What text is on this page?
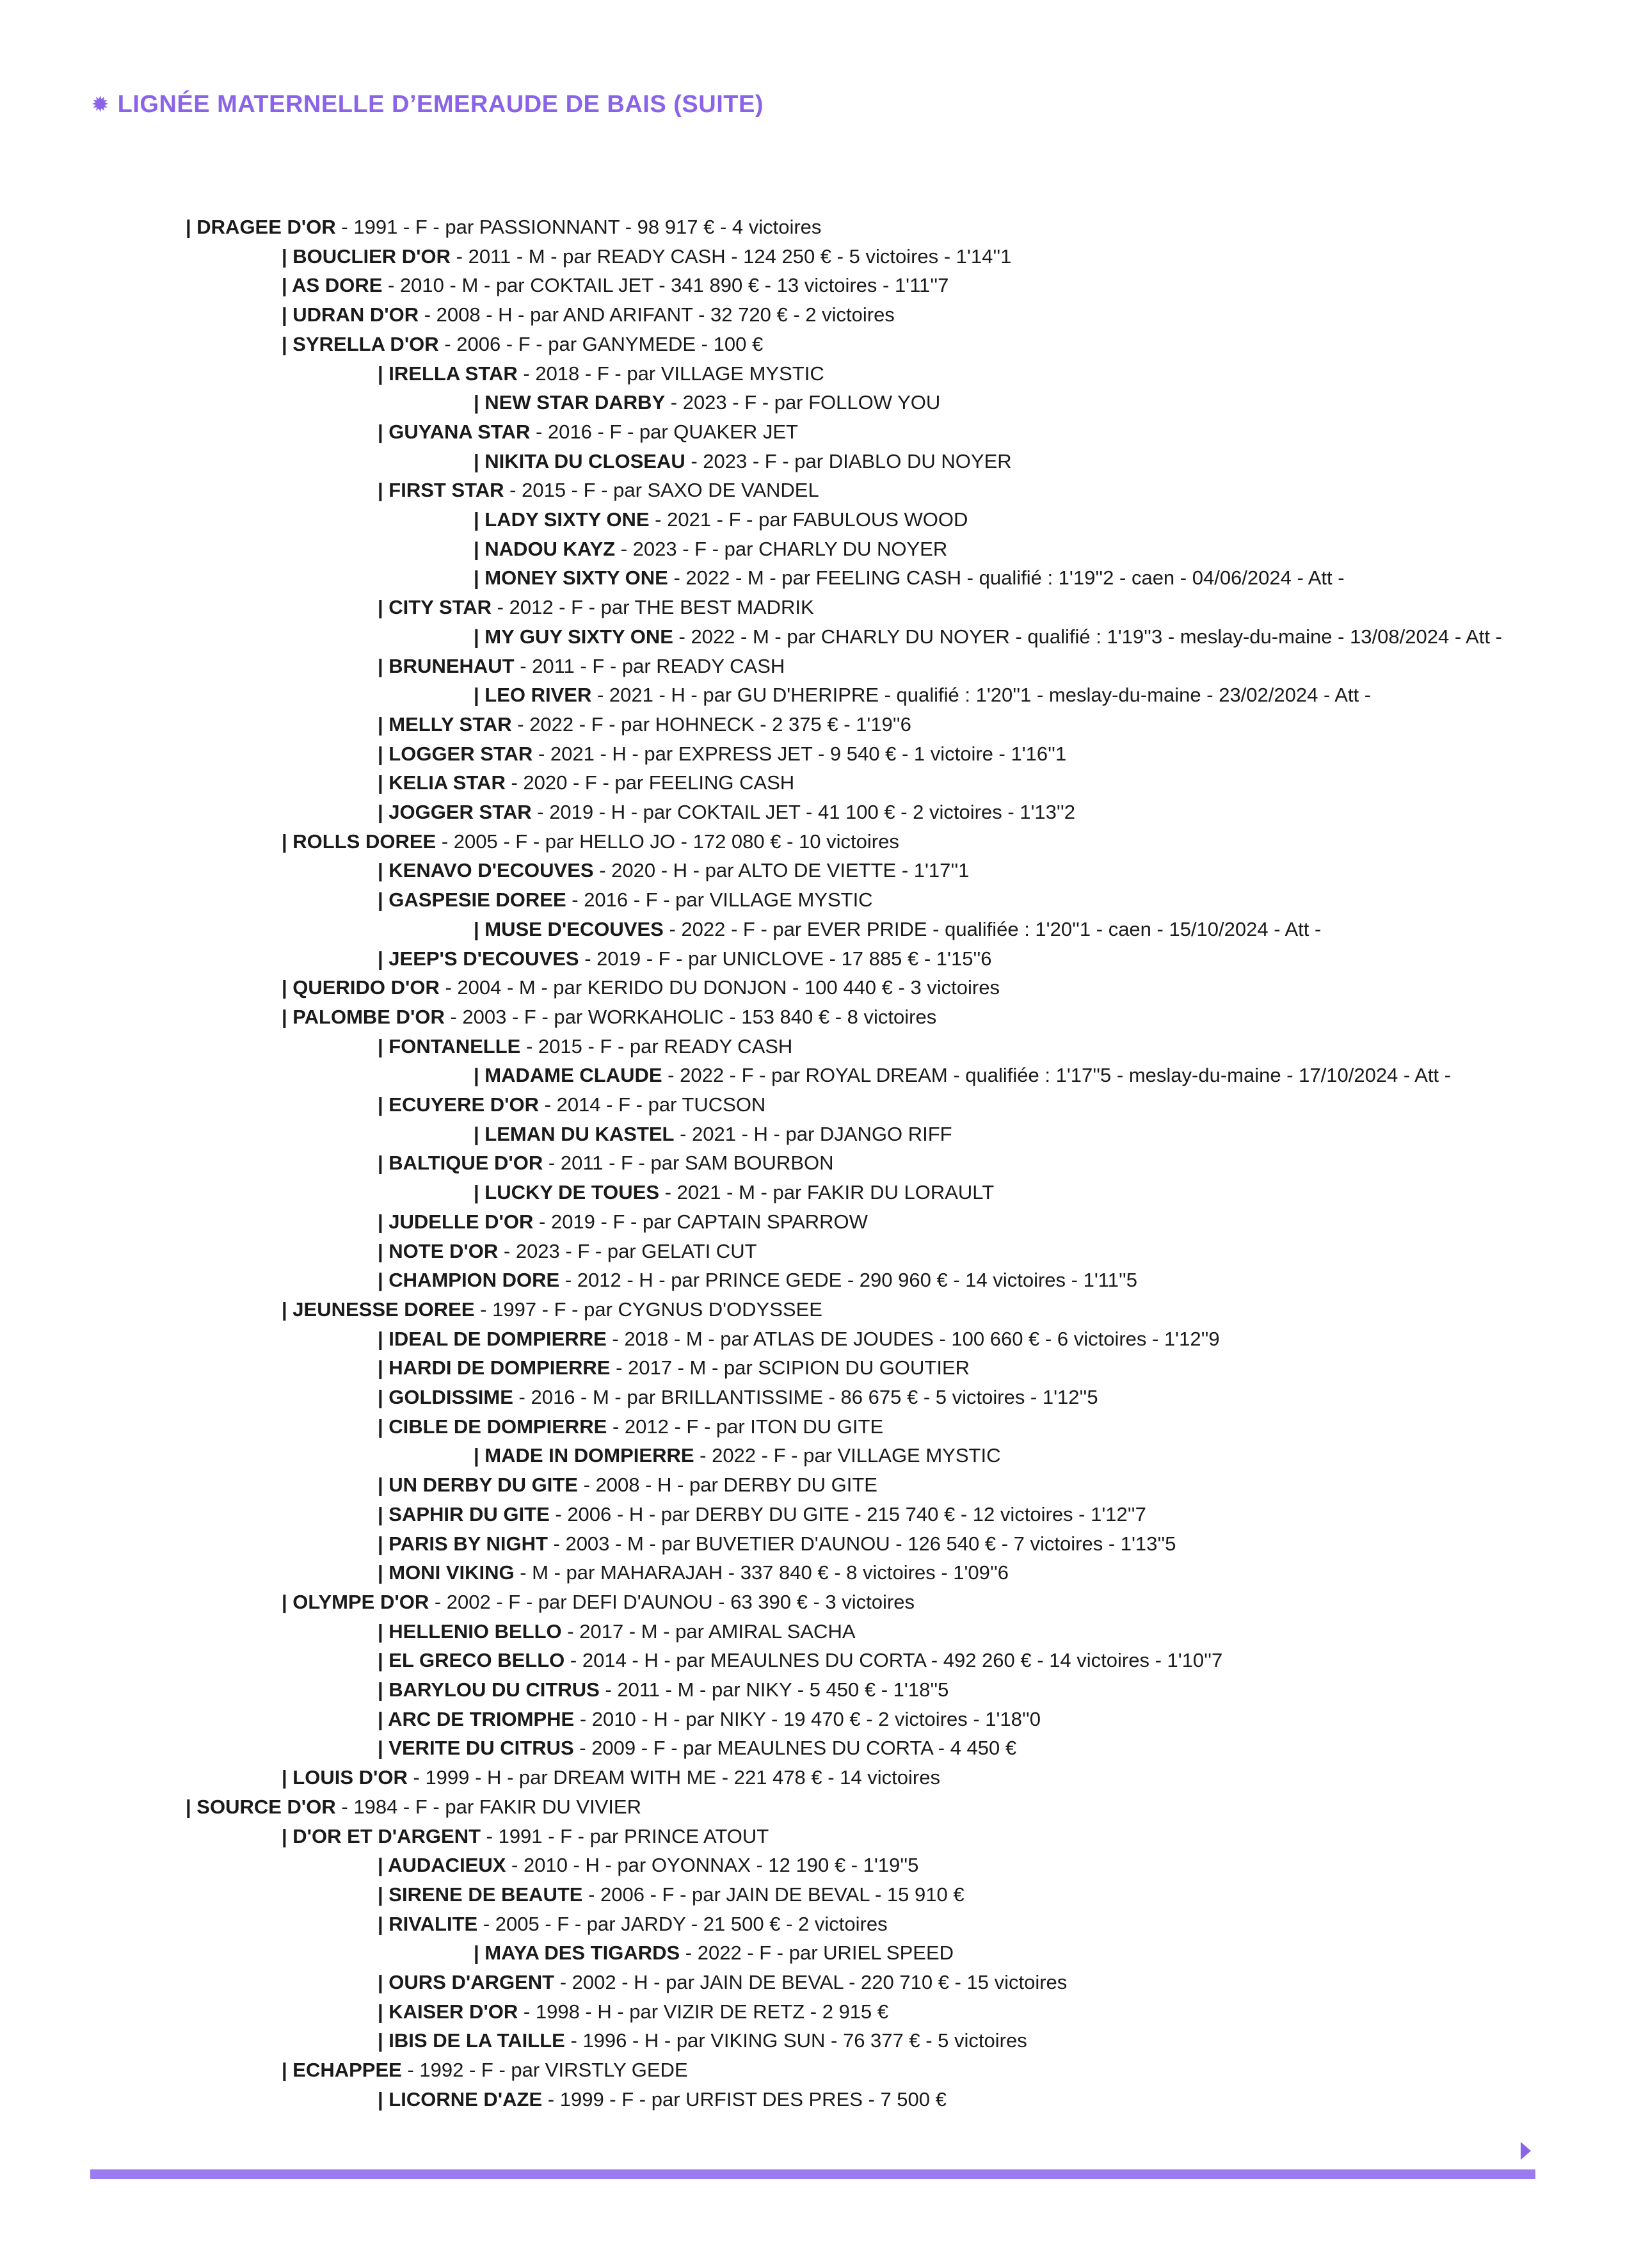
✹ LIGNÉE MATERNELLE D’EMERAUDE DE BAIS (SUITE)
| DRAGEE D'OR - 1991 - F - par PASSIONNANT - 98 917 € - 4 victoires
| BOUCLIER D'OR - 2011 - M - par READY CASH - 124 250 € - 5 victoires - 1'14''1
| AS DORE - 2010 - M - par COKTAIL JET - 341 890 € - 13 victoires - 1'11''7
| UDRAN D'OR - 2008 - H - par AND ARIFANT - 32 720 € - 2 victoires
| SYRELLA D'OR - 2006 - F - par GANYMEDE - 100 €
| IRELLA STAR - 2018 - F - par VILLAGE MYSTIC
| NEW STAR DARBY - 2023 - F - par FOLLOW YOU
| GUYANA STAR - 2016 - F - par QUAKER JET
| NIKITA DU CLOSEAU - 2023 - F - par DIABLO DU NOYER
| FIRST STAR - 2015 - F - par SAXO DE VANDEL
| LADY SIXTY ONE - 2021 - F - par FABULOUS WOOD
| NADOU KAYZ - 2023 - F - par CHARLY DU NOYER
| MONEY SIXTY ONE - 2022 - M - par FEELING CASH - qualifié : 1'19''2 - caen - 04/06/2024 - Att -
| CITY STAR - 2012 - F - par THE BEST MADRIK
| MY GUY SIXTY ONE - 2022 - M - par CHARLY DU NOYER - qualifié : 1'19''3 - meslay-du-maine - 13/08/2024 - Att -
| BRUNEHAUT - 2011 - F - par READY CASH
| LEO RIVER - 2021 - H - par GU D'HERIPRE - qualifié : 1'20''1 - meslay-du-maine - 23/02/2024 - Att -
| MELLY STAR - 2022 - F - par HOHNECK - 2 375 € - 1'19''6
| LOGGER STAR - 2021 - H - par EXPRESS JET - 9 540 € - 1 victoire - 1'16''1
| KELIA STAR - 2020 - F - par FEELING CASH
| JOGGER STAR - 2019 - H - par COKTAIL JET - 41 100 € - 2 victoires - 1'13''2
| ROLLS DOREE - 2005 - F - par HELLO JO - 172 080 € - 10 victoires
| KENAVO D'ECOUVES - 2020 - H - par ALTO DE VIETTE - 1'17''1
| GASPESIE DOREE - 2016 - F - par VILLAGE MYSTIC
| MUSE D'ECOUVES - 2022 - F - par EVER PRIDE - qualifiée : 1'20''1 - caen - 15/10/2024 - Att -
| JEEP'S D'ECOUVES - 2019 - F - par UNICLOVE - 17 885 € - 1'15''6
| QUERIDO D'OR - 2004 - M - par KERIDO DU DONJON - 100 440 € - 3 victoires
| PALOMBE D'OR - 2003 - F - par WORKAHOLIC - 153 840 € - 8 victoires
| FONTANELLE - 2015 - F - par READY CASH
| MADAME CLAUDE - 2022 - F - par ROYAL DREAM - qualifiée : 1'17''5 - meslay-du-maine - 17/10/2024 - Att -
| ECUYERE D'OR - 2014 - F - par TUCSON
| LEMAN DU KASTEL - 2021 - H - par DJANGO RIFF
| BALTIQUE D'OR - 2011 - F - par SAM BOURBON
| LUCKY DE TOUES - 2021 - M - par FAKIR DU LORAULT
| JUDELLE D'OR - 2019 - F - par CAPTAIN SPARROW
| NOTE D'OR - 2023 - F - par GELATI CUT
| CHAMPION DORE - 2012 - H - par PRINCE GEDE - 290 960 € - 14 victoires - 1'11''5
| JEUNESSE DOREE - 1997 - F - par CYGNUS D'ODYSSEE
| IDEAL DE DOMPIERRE - 2018 - M - par ATLAS DE JOUDES - 100 660 € - 6 victoires - 1'12''9
| HARDI DE DOMPIERRE - 2017 - M - par SCIPION DU GOUTIER
| GOLDISSIME - 2016 - M - par BRILLANTISSIME - 86 675 € - 5 victoires - 1'12''5
| CIBLE DE DOMPIERRE - 2012 - F - par ITON DU GITE
| MADE IN DOMPIERRE - 2022 - F - par VILLAGE MYSTIC
| UN DERBY DU GITE - 2008 - H - par DERBY DU GITE
| SAPHIR DU GITE - 2006 - H - par DERBY DU GITE - 215 740 € - 12 victoires - 1'12''7
| PARIS BY NIGHT - 2003 - M - par BUVETIER D'AUNOU - 126 540 € - 7 victoires - 1'13''5
| MONI VIKING - M - par MAHARAJAH - 337 840 € - 8 victoires - 1'09''6
| OLYMPE D'OR - 2002 - F - par DEFI D'AUNOU - 63 390 € - 3 victoires
| HELLENIO BELLO - 2017 - M - par AMIRAL SACHA
| EL GRECO BELLO - 2014 - H - par MEAULNES DU CORTA - 492 260 € - 14 victoires - 1'10''7
| BARYLOU DU CITRUS - 2011 - M - par NIKY - 5 450 € - 1'18''5
| ARC DE TRIOMPHE - 2010 - H - par NIKY - 19 470 € - 2 victoires - 1'18''0
| VERITE DU CITRUS - 2009 - F - par MEAULNES DU CORTA - 4 450 €
| LOUIS D'OR - 1999 - H - par DREAM WITH ME - 221 478 € - 14 victoires
| SOURCE D'OR - 1984 - F - par FAKIR DU VIVIER
| D'OR ET D'ARGENT - 1991 - F - par PRINCE ATOUT
| AUDACIEUX - 2010 - H - par OYONNAX - 12 190 € - 1'19''5
| SIRENE DE BEAUTE - 2006 - F - par JAIN DE BEVAL - 15 910 €
| RIVALITE - 2005 - F - par JARDY - 21 500 € - 2 victoires
| MAYA DES TIGARDS - 2022 - F - par URIEL SPEED
| OURS D'ARGENT - 2002 - H - par JAIN DE BEVAL - 220 710 € - 15 victoires
| KAISER D'OR - 1998 - H - par VIZIR DE RETZ - 2 915 €
| IBIS DE LA TAILLE - 1996 - H - par VIKING SUN - 76 377 € - 5 victoires
| ECHAPPEE - 1992 - F - par VIRSTLY GEDE
| LICORNE D'AZE - 1999 - F - par URFIST DES PRES - 7 500 €
